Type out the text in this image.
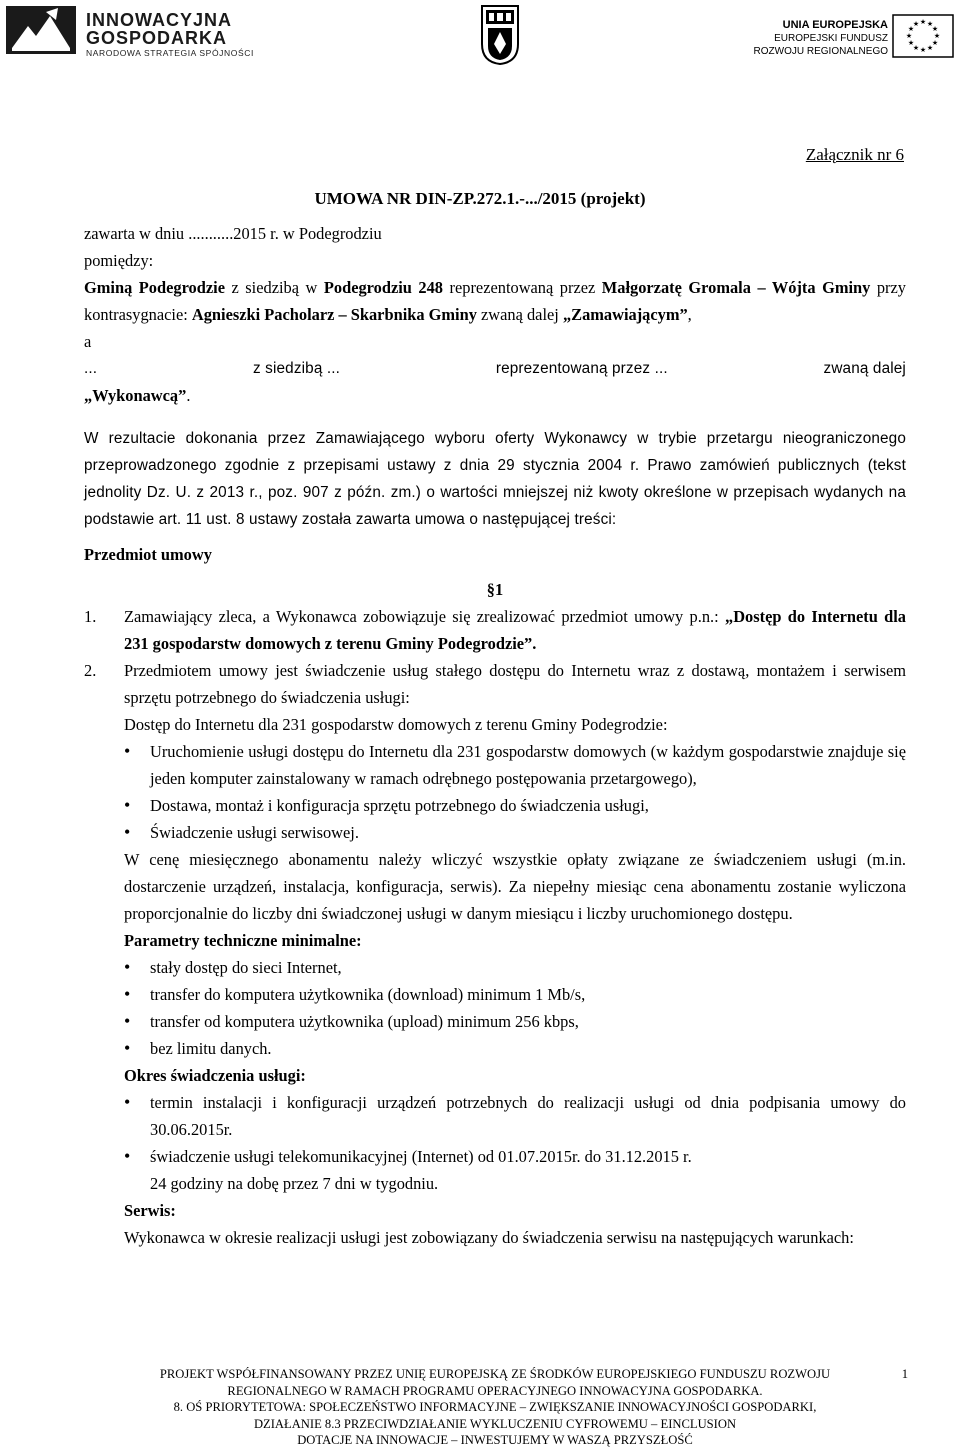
INNOWACYJNA
GOSPODARKA
NARODOWA STRATEGIA SPÓJNOŚCI
UNIA EUROPEJSKA
EUROPEJSKI FUNDUSZ
ROZWOJU REGIONALNEGO
★ ★
★
★
★
★
★
★
★
★
★
★
Załącznik nr 6
UMOWA NR DIN-ZP.272.1.-.../2015 (projekt)

zawarta w dniu ...........2015 r. w Podegrodziu

pomiędzy:

Gminą Podegrodzie z siedzibą w Podegrodziu 248 reprezentowaną przez Małgorzatę Gromala – Wójta Gminy przy kontrasygnacie: Agnieszki Pacholarz – Skarbnika Gminy zwaną dalej „Zamawiającym”,

a

...	z siedzibą ...	reprezentowaną przez ...	zwaną dalej

„Wykonawcą”.

W rezultacie dokonania przez Zamawiającego wyboru oferty Wykonawcy w trybie przetargu nieograniczonego przeprowadzonego zgodnie z przepisami ustawy z dnia 29 stycznia 2004 r. Prawo zamówień publicznych (tekst jednolity Dz. U. z 2013 r., poz. 907 z późn. zm.) o wartości mniejszej niż kwoty określone w przepisach wydanych na podstawie art. 11 ust. 8 ustawy została zawarta umowa o następującej treści:

Przedmiot umowy

§1

1.	Zamawiający zleca, a Wykonawca zobowiązuje się zrealizować przedmiot umowy p.n.: „Dostęp do Internetu dla 231 gospodarstw domowych z terenu Gminy Podegrodzie”.
2.	Przedmiotem umowy jest świadczenie usług stałego dostępu do Internetu wraz z dostawą, montażem i serwisem sprzętu potrzebnego do świadczenia usługi:

Dostęp do Internetu dla 231 gospodarstw domowych z terenu Gminy Podegrodzie:

• Uruchomienie usługi dostępu do Internetu dla 231 gospodarstw domowych (w każdym gospodarstwie znajduje się jeden komputer zainstalowany w ramach odrębnego postępowania przetargowego),
• Dostawa, montaż i konfiguracja sprzętu potrzebnego do świadczenia usługi,
• Świadczenie usługi serwisowej.

W cenę miesięcznego abonamentu należy wliczyć wszystkie opłaty związane ze świadczeniem usługi (m.in. dostarczenie urządzeń, instalacja, konfiguracja, serwis). Za niepełny miesiąc cena abonamentu zostanie wyliczona proporcjonalnie do liczby dni świadczonej usługi w danym miesiącu i liczby uruchomionego dostępu.

Parametry techniczne minimalne:

• stały dostęp do sieci Internet,
• transfer do komputera użytkownika (download) minimum 1 Mb/s,
• transfer od komputera użytkownika (upload) minimum 256 kbps,
• bez limitu danych.

Okres świadczenia usługi:

• termin instalacji i konfiguracji urządzeń potrzebnych do realizacji usługi od dnia podpisania umowy do 30.06.2015r.
• świadczenie usługi telekomunikacyjnej (Internet) od 01.07.2015r. do 31.12.2015 r.

24 godziny na dobę przez 7 dni w tygodniu.

Serwis:

Wykonawca w okresie realizacji usługi jest zobowiązany do świadczenia serwisu na następujących warunkach:

PROJEKT WSPÓŁFINANSOWANY PRZEZ UNIĘ EUROPEJSKĄ ZE ŚRODKÓW EUROPEJSKIEGO FUNDUSZU ROZWOJU
REGIONALNEGO W RAMACH PROGRAMU OPERACYJNEGO INNOWACYJNA GOSPODARKA.
8. OŚ PRIORYTETOWA: SPOŁECZEŃSTWO INFORMACYJNE – ZWIĘKSZANIE INNOWACYJNOŚCI GOSPODARKI,
DZIAŁANIE 8.3 PRZECIWDZIAŁANIE WYKLUCZENIU CYFROWEMU – EINCLUSION
DOTACJE NA INNOWACJE – INWESTUJEMY W WASZĄ PRZYSZŁOŚĆ
1
